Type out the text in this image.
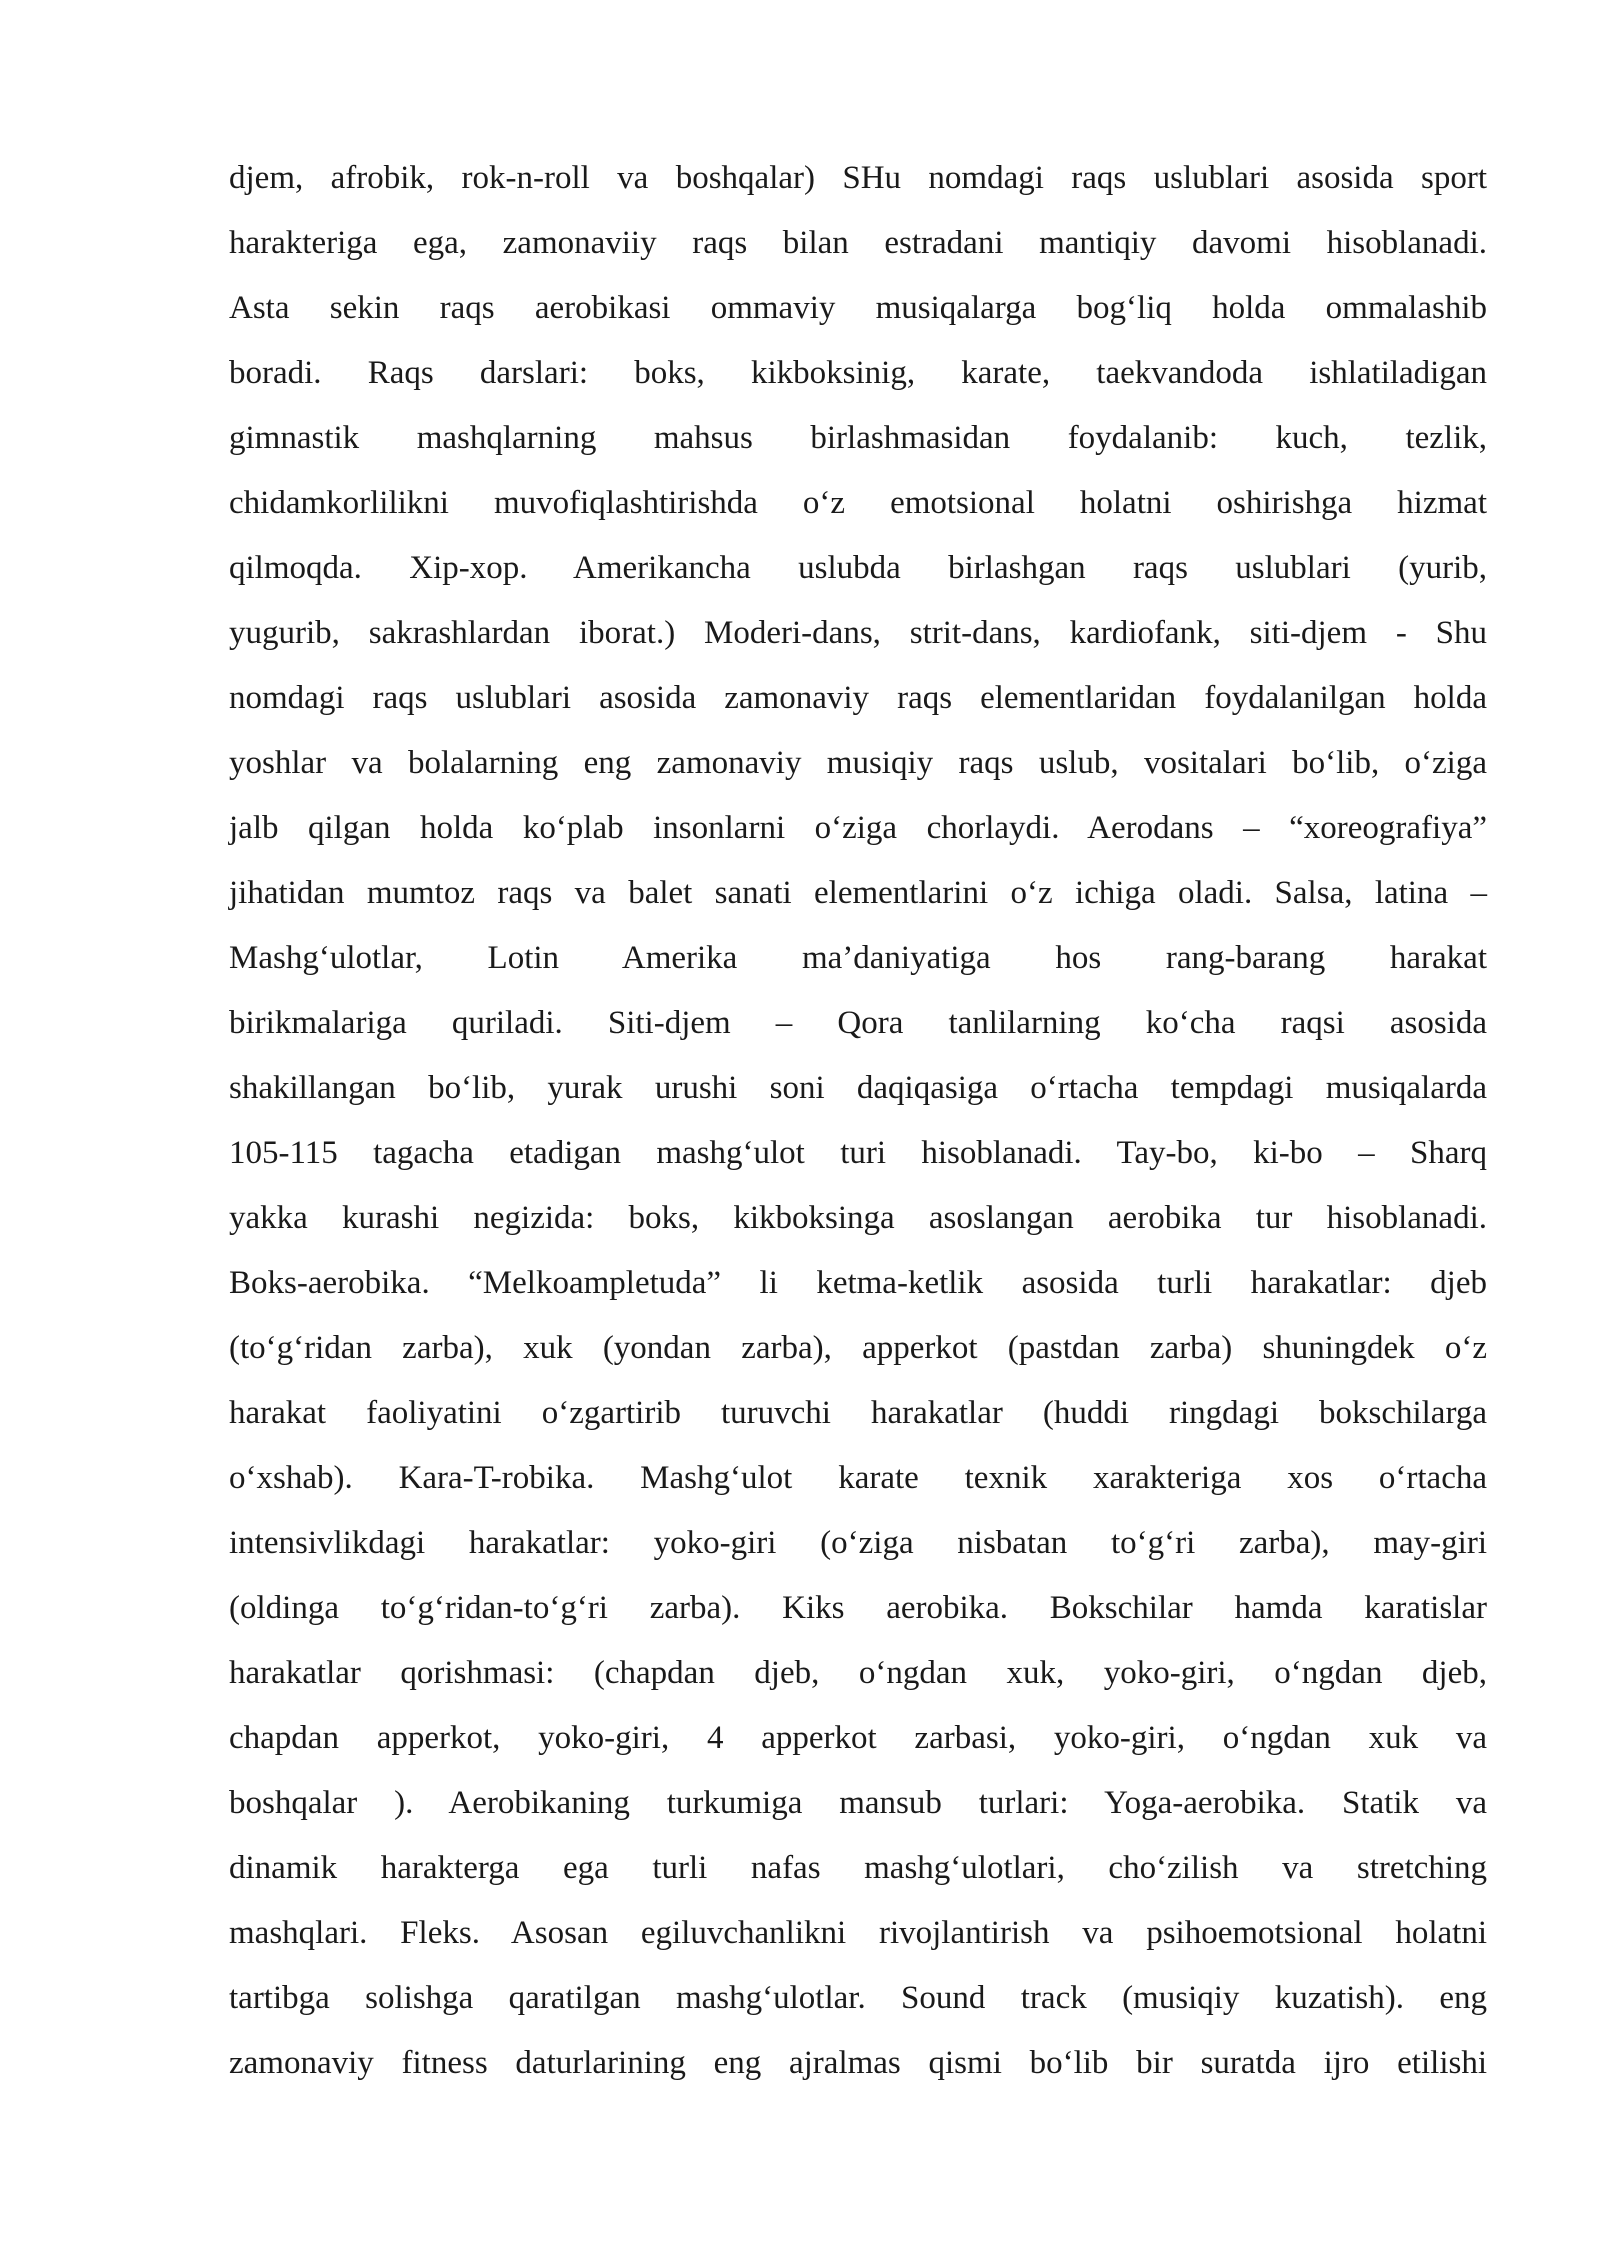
djem, afrobik, rok-n-roll va boshqalar) SHu nomdagi raqs uslublari asosida sport
harakteriga ega, zamonaviiy raqs bilan estradani mantiqiy davomi hisoblanadi.
Asta sekin raqs aerobikasi ommaviy musiqalarga bog‘liq holda ommalashib
boradi. Raqs darslari: boks, kikboksinig, karate, taekvandoda ishlatiladigan
gimnastik mashqlarning mahsus birlashmasidan foydalanib: kuch, tezlik,
chidamkorlilikni muvofiqlashtirishda o‘z emotsional holatni oshirishga hizmat
qilmoqda. Xip-xop. Amerikancha uslubda birlashgan raqs uslublari (yurib,
yugurib, sakrashlardan iborat.) Moderi-dans, strit-dans, kardiofank, siti-djem - Shu
nomdagi raqs uslublari asosida zamonaviy raqs elementlaridan foydalanilgan holda
yoshlar va bolalarning eng zamonaviy musiqiy raqs uslub, vositalari bo‘lib, o‘ziga
jalb qilgan holda ko‘plab insonlarni o‘ziga chorlaydi. Aerodans – “xoreografiya”
jihatidan mumtoz raqs va balet sanati elementlarini o‘z ichiga oladi. Salsa, latina –
Mashg‘ulotlar, Lotin Amerika ma’daniyatiga hos rang-barang harakat
birikmalariga quriladi. Siti-djem – Qora tanlilarning ko‘cha raqsi asosida
shakillangan bo‘lib, yurak urushi soni daqiqasiga o‘rtacha tempdagi musiqalarda
105-115 tagacha etadigan mashg‘ulot turi hisoblanadi. Tay-bo, ki-bo – Sharq
yakka kurashi negizida: boks, kikboksinga asoslangan aerobika tur hisoblanadi.
Boks-aerobika. “Melkoampletuda” li ketma-ketlik asosida turli harakatlar: djeb
(to‘g‘ridan zarba), xuk (yondan zarba), apperkot (pastdan zarba) shuningdek o‘z
harakat faoliyatini o‘zgartirib turuvchi harakatlar (huddi ringdagi bokschilarga
o‘xshab). Kara-T-robika. Mashg‘ulot karate texnik xarakteriga xos o‘rtacha
intensivlikdagi harakatlar: yoko-giri (o‘ziga nisbatan to‘g‘ri zarba), may-giri
(oldinga to‘g‘ridan-to‘g‘ri zarba). Kiks aerobika. Bokschilar hamda karatislar
harakatlar qorishmasi: (chapdan djeb, o‘ngdan xuk, yoko-giri, o‘ngdan djeb,
chapdan apperkot, yoko-giri, 4 apperkot zarbasi, yoko-giri, o‘ngdan xuk va
boshqalar ). Aerobikaning turkumiga mansub turlari: Yoga-aerobika. Statik va
dinamik harakterga ega turli nafas mashg‘ulotlari, cho‘zilish va stretching
mashqlari. Fleks. Asosan egiluvchanlikni rivojlantirish va psihoemotsional holatni
tartibga solishga qaratilgan mashg‘ulotlar. Sound track (musiqiy kuzatish). eng
zamonaviy fitness daturlarining eng ajralmas qismi bo‘lib bir suratda ijro etilishi
